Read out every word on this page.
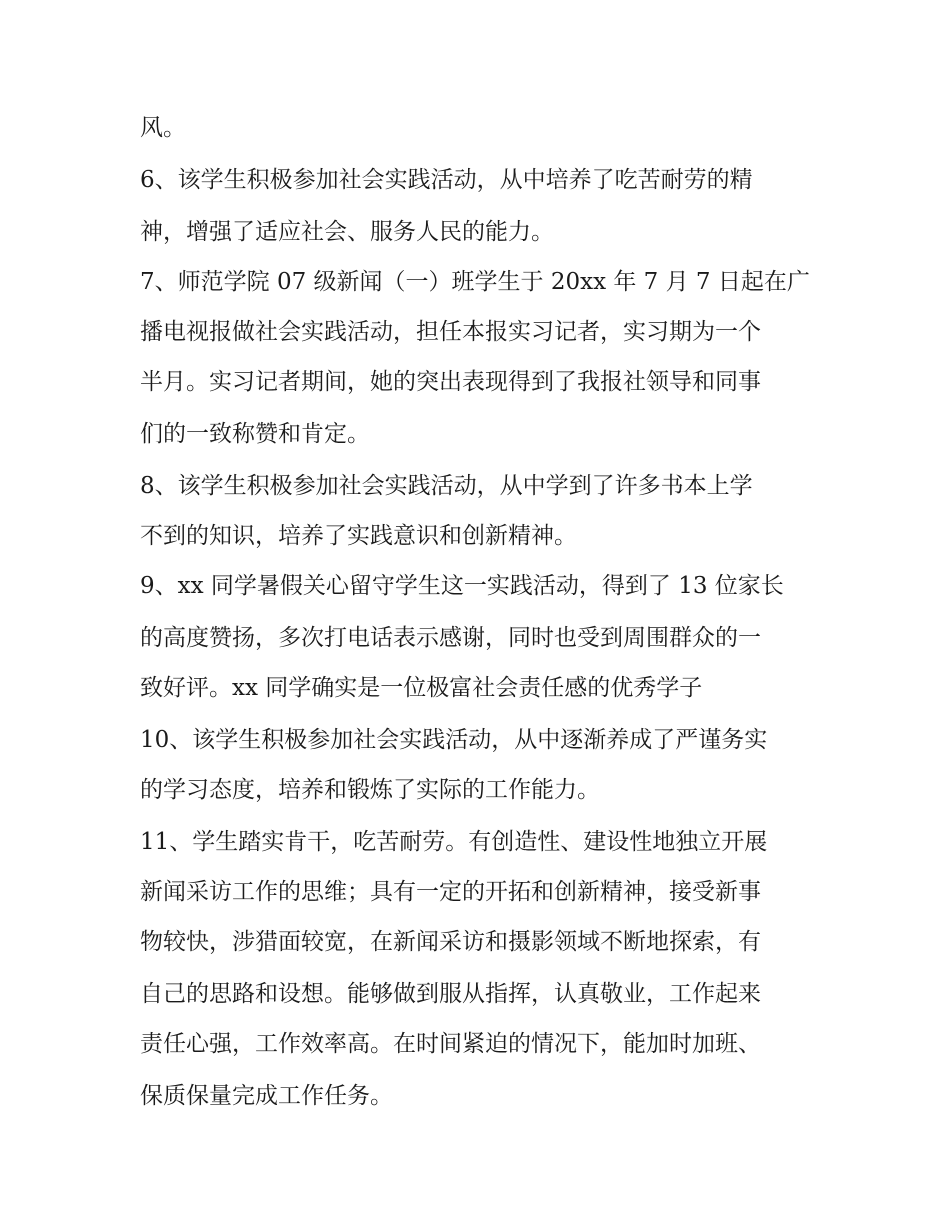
风。
6、该学生积极参加社会实践活动，从中培养了吃苦耐劳的精
神，增强了适应社会、服务人民的能力。
7、师范学院 07 级新闻（一）班学生于 20xx 年 7 月 7 日起在广
播电视报做社会实践活动，担任本报实习记者，实习期为一个
半月。实习记者期间，她的突出表现得到了我报社领导和同事
们的一致称赞和肯定。
8、该学生积极参加社会实践活动，从中学到了许多书本上学
不到的知识，培养了实践意识和创新精神。
9、xx 同学暑假关心留守学生这一实践活动，得到了 13 位家长
的高度赞扬，多次打电话表示感谢，同时也受到周围群众的一
致好评。xx 同学确实是一位极富社会责任感的优秀学子
10、该学生积极参加社会实践活动，从中逐渐养成了严谨务实
的学习态度，培养和锻炼了实际的工作能力。
11、学生踏实肯干，吃苦耐劳。有创造性、建设性地独立开展
新闻采访工作的思维；具有一定的开拓和创新精神，接受新事
物较快，涉猎面较宽，在新闻采访和摄影领域不断地探索，有
自己的思路和设想。能够做到服从指挥，认真敬业，工作起来
责任心强，工作效率高。在时间紧迫的情况下，能加时加班、
保质保量完成工作任务。
